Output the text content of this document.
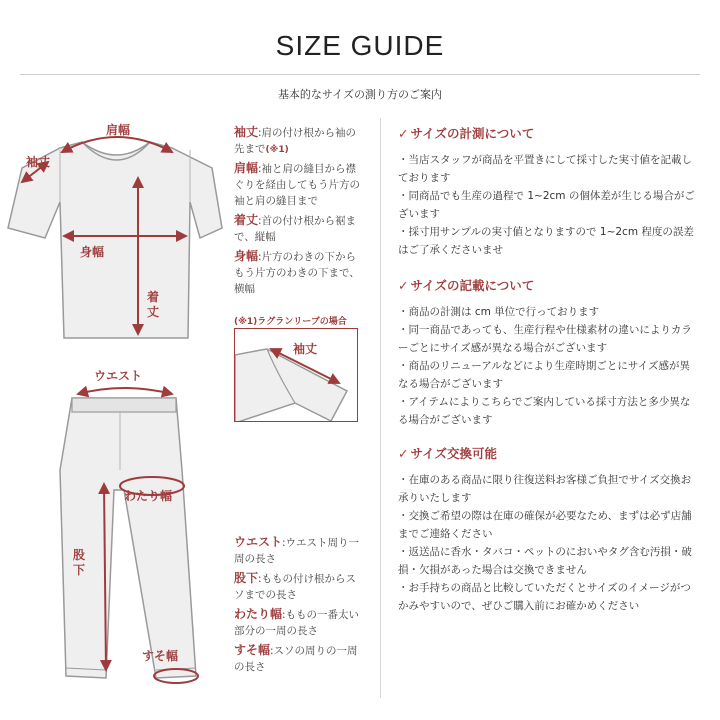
SIZE GUIDE
基本的なサイズの測り方のご案内
肩幅
袖丈
身幅
着丈
袖丈:肩の付け根から袖の先まで(※1)
肩幅:袖と肩の縫目から襟ぐりを経由してもう片方の袖と肩の縫目まで
着丈:首の付け根から裾まで、縦幅
身幅:片方のわきの下からもう片方のわきの下まで、横幅
(※1)ラグランリーブの場合
袖丈
ウエスト
わたり幅
股下
すそ幅
ウエスト:ウエスト周り一周の長さ
股下:ももの付け根からスソまでの長さ
わたり幅:ももの一番太い部分の一周の長さ
すそ幅:スソの周りの一周の長さ
✓ サイズの計測について
・当店スタッフが商品を平置きにして採寸した実寸値を記載しております
・同商品でも生産の過程で 1~2cm の個体差が生じる場合がございます
・採寸用サンプルの実寸値となりますので 1~2cm 程度の誤差はご了承くださいませ
✓ サイズの記載について
・商品の計測は cm 単位で行っております
・同一商品であっても、生産行程や仕様素材の違いによりカラーごとにサイズ感が異なる場合がございます
・商品のリニューアルなどにより生産時期ごとにサイズ感が異なる場合がございます
・アイテムによりこちらでご案内している採寸方法と多少異なる場合がございます
✓ サイズ交換可能
・在庫のある商品に限り往復送料お客様ご負担でサイズ交換お承りいたします
・交換ご希望の際は在庫の確保が必要なため、まずは必ず店舗までご連絡ください
・返送品に香水・タバコ・ペットのにおいやタグ含む汚損・破損・欠損があった場合は交換できません
・お手持ちの商品と比較していただくとサイズのイメージがつかみやすいので、ぜひご購入前にお確かめください
